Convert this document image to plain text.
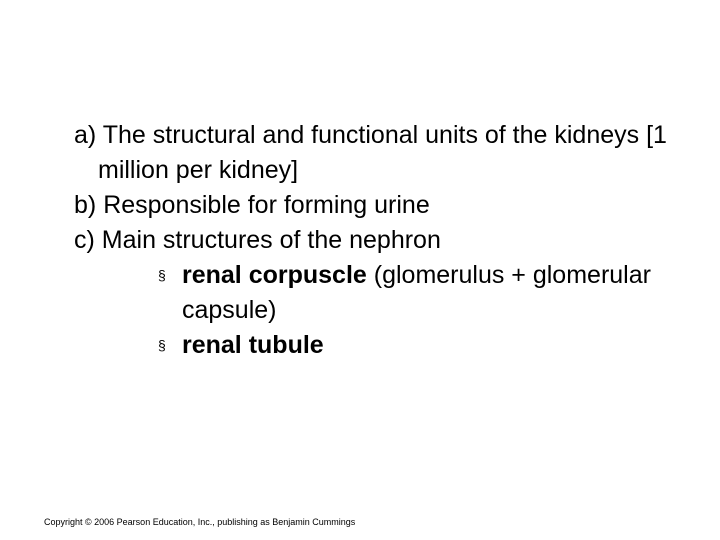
a) The structural and functional units of the kidneys [1 million per kidney]

b) Responsible for forming urine

c) Main structures of the nephron

§ renal corpuscle (glomerulus + glomerular capsule)

§ renal tubule

Copyright © 2006 Pearson Education, Inc., publishing as Benjamin Cummings
